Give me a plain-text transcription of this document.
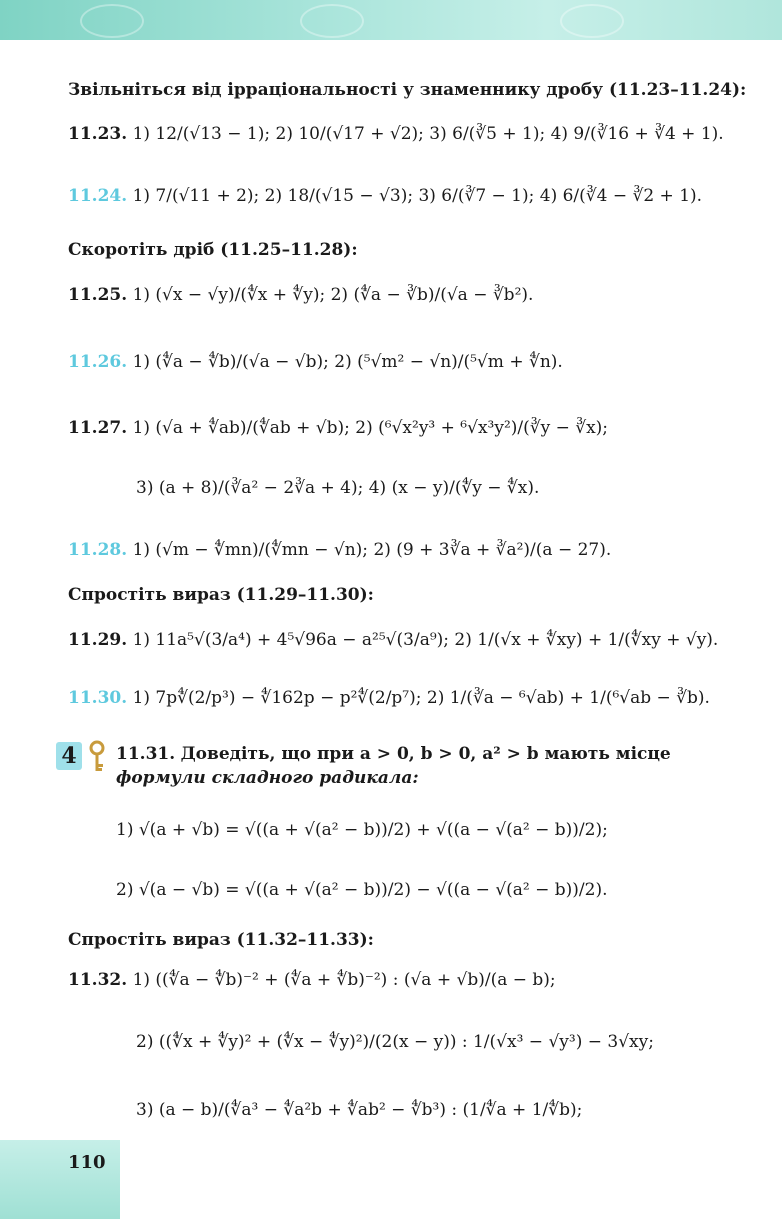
Звільніться від ірраціональності у знаменнику дробу (11.23–11.24):
11.23. 1) 12/(√13 − 1); 2) 10/(√17 + √2); 3) 6/(∛5 + 1); 4) 9/(∛16 + ∛4 + 1).
11.24. 1) 7/(√11 + 2); 2) 18/(√15 − √3); 3) 6/(∛7 − 1); 4) 6/(∛4 − ∛2 + 1).
Скоротіть дріб (11.25–11.28):
11.25. 1) (√x − √y)/(∜x + ∜y); 2) (∜a − ∛b)/(√a − ∛b²).
11.26. 1) (∜a − ∜b)/(√a − √b); 2) (⁵√m² − √n)/(⁵√m + ∜n).
11.27. 1) (√a + ∜ab)/(∜ab + √b); 2) (⁶√x²y³ + ⁶√x³y²)/(∛y − ∛x);
3) (a + 8)/(∛a² − 2∛a + 4); 4) (x − y)/(∜y − ∜x).
11.28. 1) (√m − ∜mn)/(∜mn − √n); 2) (9 + 3∛a + ∛a²)/(a − 27).
Спростіть вираз (11.29–11.30):
11.29. 1) 11a⁵√(3/a⁴) + 4⁵√96a − a²⁵√(3/a⁹); 2) 1/(√x + ∜xy) + 1/(∜xy + √y).
11.30. 1) 7p∜(2/p³) − ∜162p − p²∜(2/p⁷); 2) 1/(∛a − ⁶√ab) + 1/(⁶√ab − ∛b).
4	11.31. Доведіть, що при a > 0, b > 0, a² > b мають місце
формули складного радикала:
1) √(a + √b) = √((a + √(a² − b))/2) + √((a − √(a² − b))/2);
2) √(a − √b) = √((a + √(a² − b))/2) − √((a − √(a² − b))/2).
Спростіть вираз (11.32–11.33):
11.32. 1) ((∜a − ∜b)⁻² + (∜a + ∜b)⁻²) : (√a + √b)/(a − b);
2) ((∜x + ∜y)² + (∜x − ∜y)²)/(2(x − y)) : 1/(√x³ − √y³) − 3√xy;
3) (a − b)/(∜a³ − ∜a²b + ∜ab² − ∜b³) : (1/∜a + 1/∜b);
110
